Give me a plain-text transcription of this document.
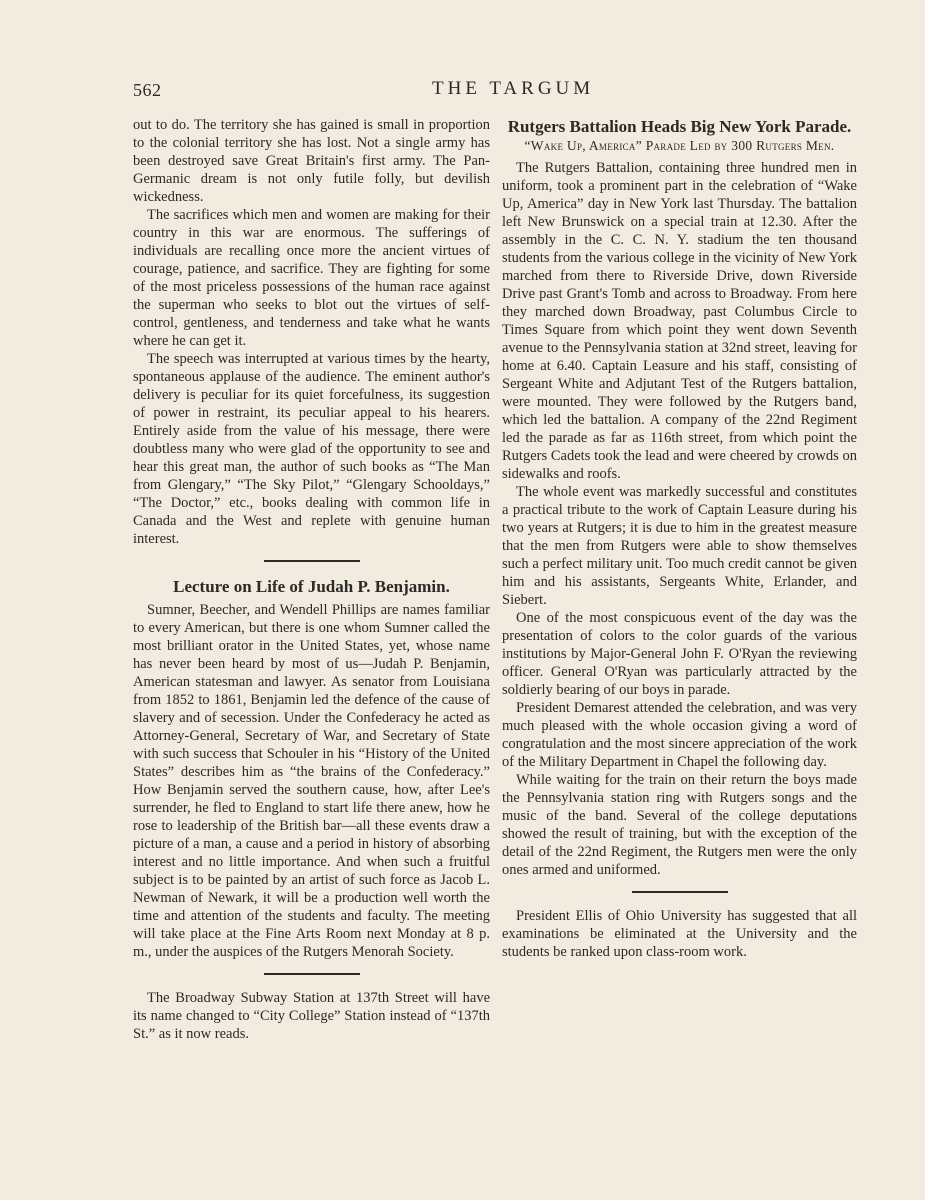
562	THE TARGUM

out to do. The territory she has gained is small in proportion to the colonial territory she has lost. Not a single army has been destroyed save Great Britain's first army. The Pan-Germanic dream is not only futile folly, but devilish wickedness.

The sacrifices which men and women are making for their country in this war are enormous. The sufferings of individuals are recalling once more the ancient virtues of courage, patience, and sacrifice. They are fighting for some of the most priceless possessions of the human race against the superman who seeks to blot out the virtues of self-control, gentleness, and tenderness and take what he wants where he can get it.

The speech was interrupted at various times by the hearty, spontaneous applause of the audience. The eminent author's delivery is peculiar for its quiet forcefulness, its suggestion of power in restraint, its peculiar appeal to his hearers. Entirely aside from the value of his message, there were doubtless many who were glad of the opportunity to see and hear this great man, the author of such books as “The Man from Glengary,” “The Sky Pilot,” “Glengary Schooldays,” “The Doctor,” etc., books dealing with common life in Canada and the West and replete with genuine human interest.

Lecture on Life of Judah P. Benjamin.

Sumner, Beecher, and Wendell Phillips are names familiar to every American, but there is one whom Sumner called the most brilliant orator in the United States, yet, whose name has never been heard by most of us—Judah P. Benjamin, American statesman and lawyer. As senator from Louisiana from 1852 to 1861, Benjamin led the defence of the cause of slavery and of secession. Under the Confederacy he acted as Attorney-General, Secretary of War, and Secretary of State with such success that Schouler in his “History of the United States” describes him as “the brains of the Confederacy.” How Benjamin served the southern cause, how, after Lee's surrender, he fled to England to start life there anew, how he rose to leadership of the British bar—all these events draw a picture of a man, a cause and a period in history of absorbing interest and no little importance. And when such a fruitful subject is to be painted by an artist of such force as Jacob L. Newman of Newark, it will be a production well worth the time and attention of the students and faculty. The meeting will take place at the Fine Arts Room next Monday at 8 p. m., under the auspices of the Rutgers Menorah Society.

The Broadway Subway Station at 137th Street will have its name changed to “City College” Station instead of “137th St.” as it now reads.

Rutgers Battalion Heads Big New York Parade.
“Wake Up, America” Parade Led by 300 Rutgers Men.

The Rutgers Battalion, containing three hundred men in uniform, took a prominent part in the celebration of “Wake Up, America” day in New York last Thursday. The battalion left New Brunswick on a special train at 12.30. After the assembly in the C. C. N. Y. stadium the ten thousand students from the various college in the vicinity of New York marched from there to Riverside Drive, down Riverside Drive past Grant's Tomb and across to Broadway. From here they marched down Broadway, past Columbus Circle to Times Square from which point they went down Seventh avenue to the Pennsylvania station at 32nd street, leaving for home at 6.40. Captain Leasure and his staff, consisting of Sergeant White and Adjutant Test of the Rutgers battalion, were mounted. They were followed by the Rutgers band, which led the battalion. A company of the 22nd Regiment led the parade as far as 116th street, from which point the Rutgers Cadets took the lead and were cheered by crowds on sidewalks and roofs.

The whole event was markedly successful and constitutes a practical tribute to the work of Captain Leasure during his two years at Rutgers; it is due to him in the greatest measure that the men from Rutgers were able to show themselves such a perfect military unit. Too much credit cannot be given him and his assistants, Sergeants White, Erlander, and Siebert.

One of the most conspicuous event of the day was the presentation of colors to the color guards of the various institutions by Major-General John F. O'Ryan the reviewing officer. General O'Ryan was particularly attracted by the soldierly bearing of our boys in parade.

President Demarest attended the celebration, and was very much pleased with the whole occasion giving a word of congratulation and the most sincere appreciation of the work of the Military Department in Chapel the following day.

While waiting for the train on their return the boys made the Pennsylvania station ring with Rutgers songs and the music of the band. Several of the college deputations showed the result of training, but with the exception of the detail of the 22nd Regiment, the Rutgers men were the only ones armed and uniformed.

President Ellis of Ohio University has suggested that all examinations be eliminated at the University and the students be ranked upon class-room work.
